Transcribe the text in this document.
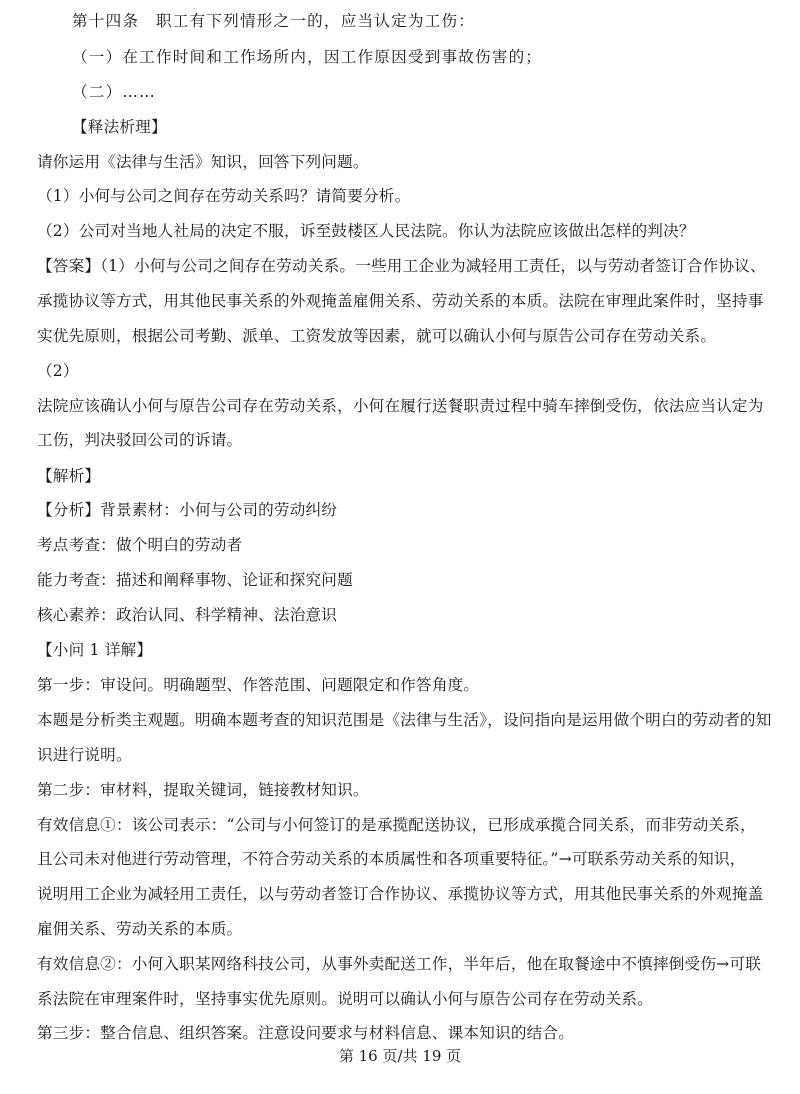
第十四条　职工有下列情形之一的，应当认定为工伤：
（一）在工作时间和工作场所内，因工作原因受到事故伤害的；
（二）……
【释法析理】
请你运用《法律与生活》知识，回答下列问题。
（1）小何与公司之间存在劳动关系吗？请简要分析。
（2）公司对当地人社局的决定不服，诉至鼓楼区人民法院。你认为法院应该做出怎样的判决？
【答案】（1）小何与公司之间存在劳动关系。一些用工企业为减轻用工责任，以与劳动者签订合作协议、
承揽协议等方式，用其他民事关系的外观掩盖雇佣关系、劳动关系的本质。法院在审理此案件时，坚持事
实优先原则，根据公司考勤、派单、工资发放等因素，就可以确认小何与原告公司存在劳动关系。
（2）
法院应该确认小何与原告公司存在劳动关系，小何在履行送餐职责过程中骑车摔倒受伤，依法应当认定为
工伤，判决驳回公司的诉请。
【解析】
【分析】背景素材：小何与公司的劳动纠纷
考点考查：做个明白的劳动者
能力考查：描述和阐释事物、论证和探究问题
核心素养：政治认同、科学精神、法治意识
【小问 1 详解】
第一步：审设问。明确题型、作答范围、问题限定和作答角度。
本题是分析类主观题。明确本题考查的知识范围是《法律与生活》，设问指向是运用做个明白的劳动者的知
识进行说明。
第二步：审材料，提取关键词，链接教材知识。
有效信息①：该公司表示：“公司与小何签订的是承揽配送协议，已形成承揽合同关系，而非劳动关系，
且公司未对他进行劳动管理，不符合劳动关系的本质属性和各项重要特征。”→可联系劳动关系的知识，
说明用工企业为减轻用工责任，以与劳动者签订合作协议、承揽协议等方式，用其他民事关系的外观掩盖
雇佣关系、劳动关系的本质。
有效信息②：小何入职某网络科技公司，从事外卖配送工作，半年后，他在取餐途中不慎摔倒受伤→可联
系法院在审理案件时，坚持事实优先原则。说明可以确认小何与原告公司存在劳动关系。
第三步：整合信息、组织答案。注意设问要求与材料信息、课本知识的结合。
第 16 页/共 19 页
